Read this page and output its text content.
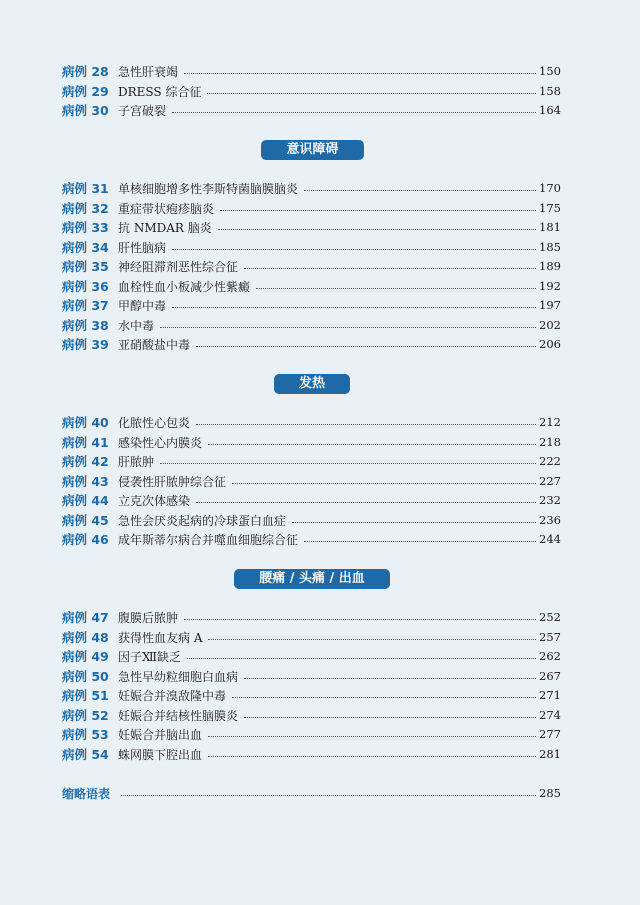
病例 28 急性肝衰竭	150
病例 29 DRESS 综合征	158
病例 30 子宫破裂	164
意识障碍
病例 31 单核细胞增多性李斯特菌脑膜脑炎	170
病例 32 重症带状疱疹脑炎	175
病例 33 抗 NMDAR 脑炎	181
病例 34 肝性脑病	185
病例 35 神经阻滞剂恶性综合征	189
病例 36 血栓性血小板减少性紫癜	192
病例 37 甲醇中毒	197
病例 38 水中毒	202
病例 39 亚硝酸盐中毒	206
发热
病例 40 化脓性心包炎	212
病例 41 感染性心内膜炎	218
病例 42 肝脓肿	222
病例 43 侵袭性肝脓肿综合征	227
病例 44 立克次体感染	232
病例 45 急性会厌炎起病的冷球蛋白血症	236
病例 46 成年斯蒂尔病合并噬血细胞综合征	244
腰痛 / 头痛 / 出血
病例 47 腹膜后脓肿	252
病例 48 获得性血友病 A	257
病例 49 因子Ⅻ缺乏	262
病例 50 急性早幼粒细胞白血病	267
病例 51 妊娠合并溴敌隆中毒	271
病例 52 妊娠合并结核性脑膜炎	274
病例 53 妊娠合并脑出血	277
病例 54 蛛网膜下腔出血	281
缩略语表	285
